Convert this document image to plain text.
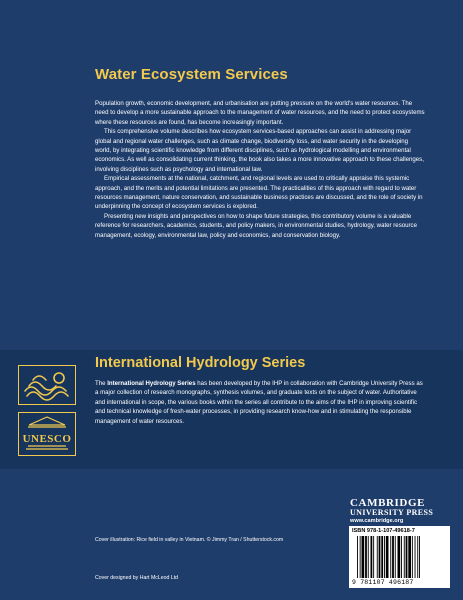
Water Ecosystem Services

Population growth, economic development, and urbanisation are putting pressure on the world's water resources. The need to develop a more sustainable approach to the management of water resources, and the need to protect ecosystems where these resources are found, has become increasingly important.

This comprehensive volume describes how ecosystem services-based approaches can assist in addressing major global and regional water challenges, such as climate change, biodiversity loss, and water security in the developing world, by integrating scientific knowledge from different disciplines, such as hydrological modelling and environmental economics. As well as consolidating current thinking, the book also takes a more innovative approach to these challenges, involving disciplines such as psychology and international law.

Empirical assessments at the national, catchment, and regional levels are used to critically appraise this systemic approach, and the merits and potential limitations are presented. The practicalities of this approach with regard to water resources management, nature conservation, and sustainable business practices are discussed, and the role of society in underpinning the concept of ecosystem services is explored.

Presenting new insights and perspectives on how to shape future strategies, this contributory volume is a valuable reference for researchers, academics, students, and policy makers, in environmental studies, hydrology, water resource management, ecology, environmental law, policy and economics, and conservation biology.

UNESCO
International Hydrology Series
The International Hydrology Series has been developed by the IHP in collaboration with Cambridge University Press as a major collection of research monographs, synthesis volumes, and graduate texts on the subject of water. Authoritative and international in scope, the various books within the series all contribute to the aims of the IHP in improving scientific and technical knowledge of fresh-water processes, in providing research know-how and in stimulating the responsible management of water resources.
CAMBRIDGE
UNIVERSITY PRESS
www.cambridge.org
ISBN 978-1-107-49618-7
9 781107 496187
Cover illustration: Rice field in valley in Vietnam. © Jimmy Tran / Shutterstock.com
Cover designed by Hart McLeod Ltd
